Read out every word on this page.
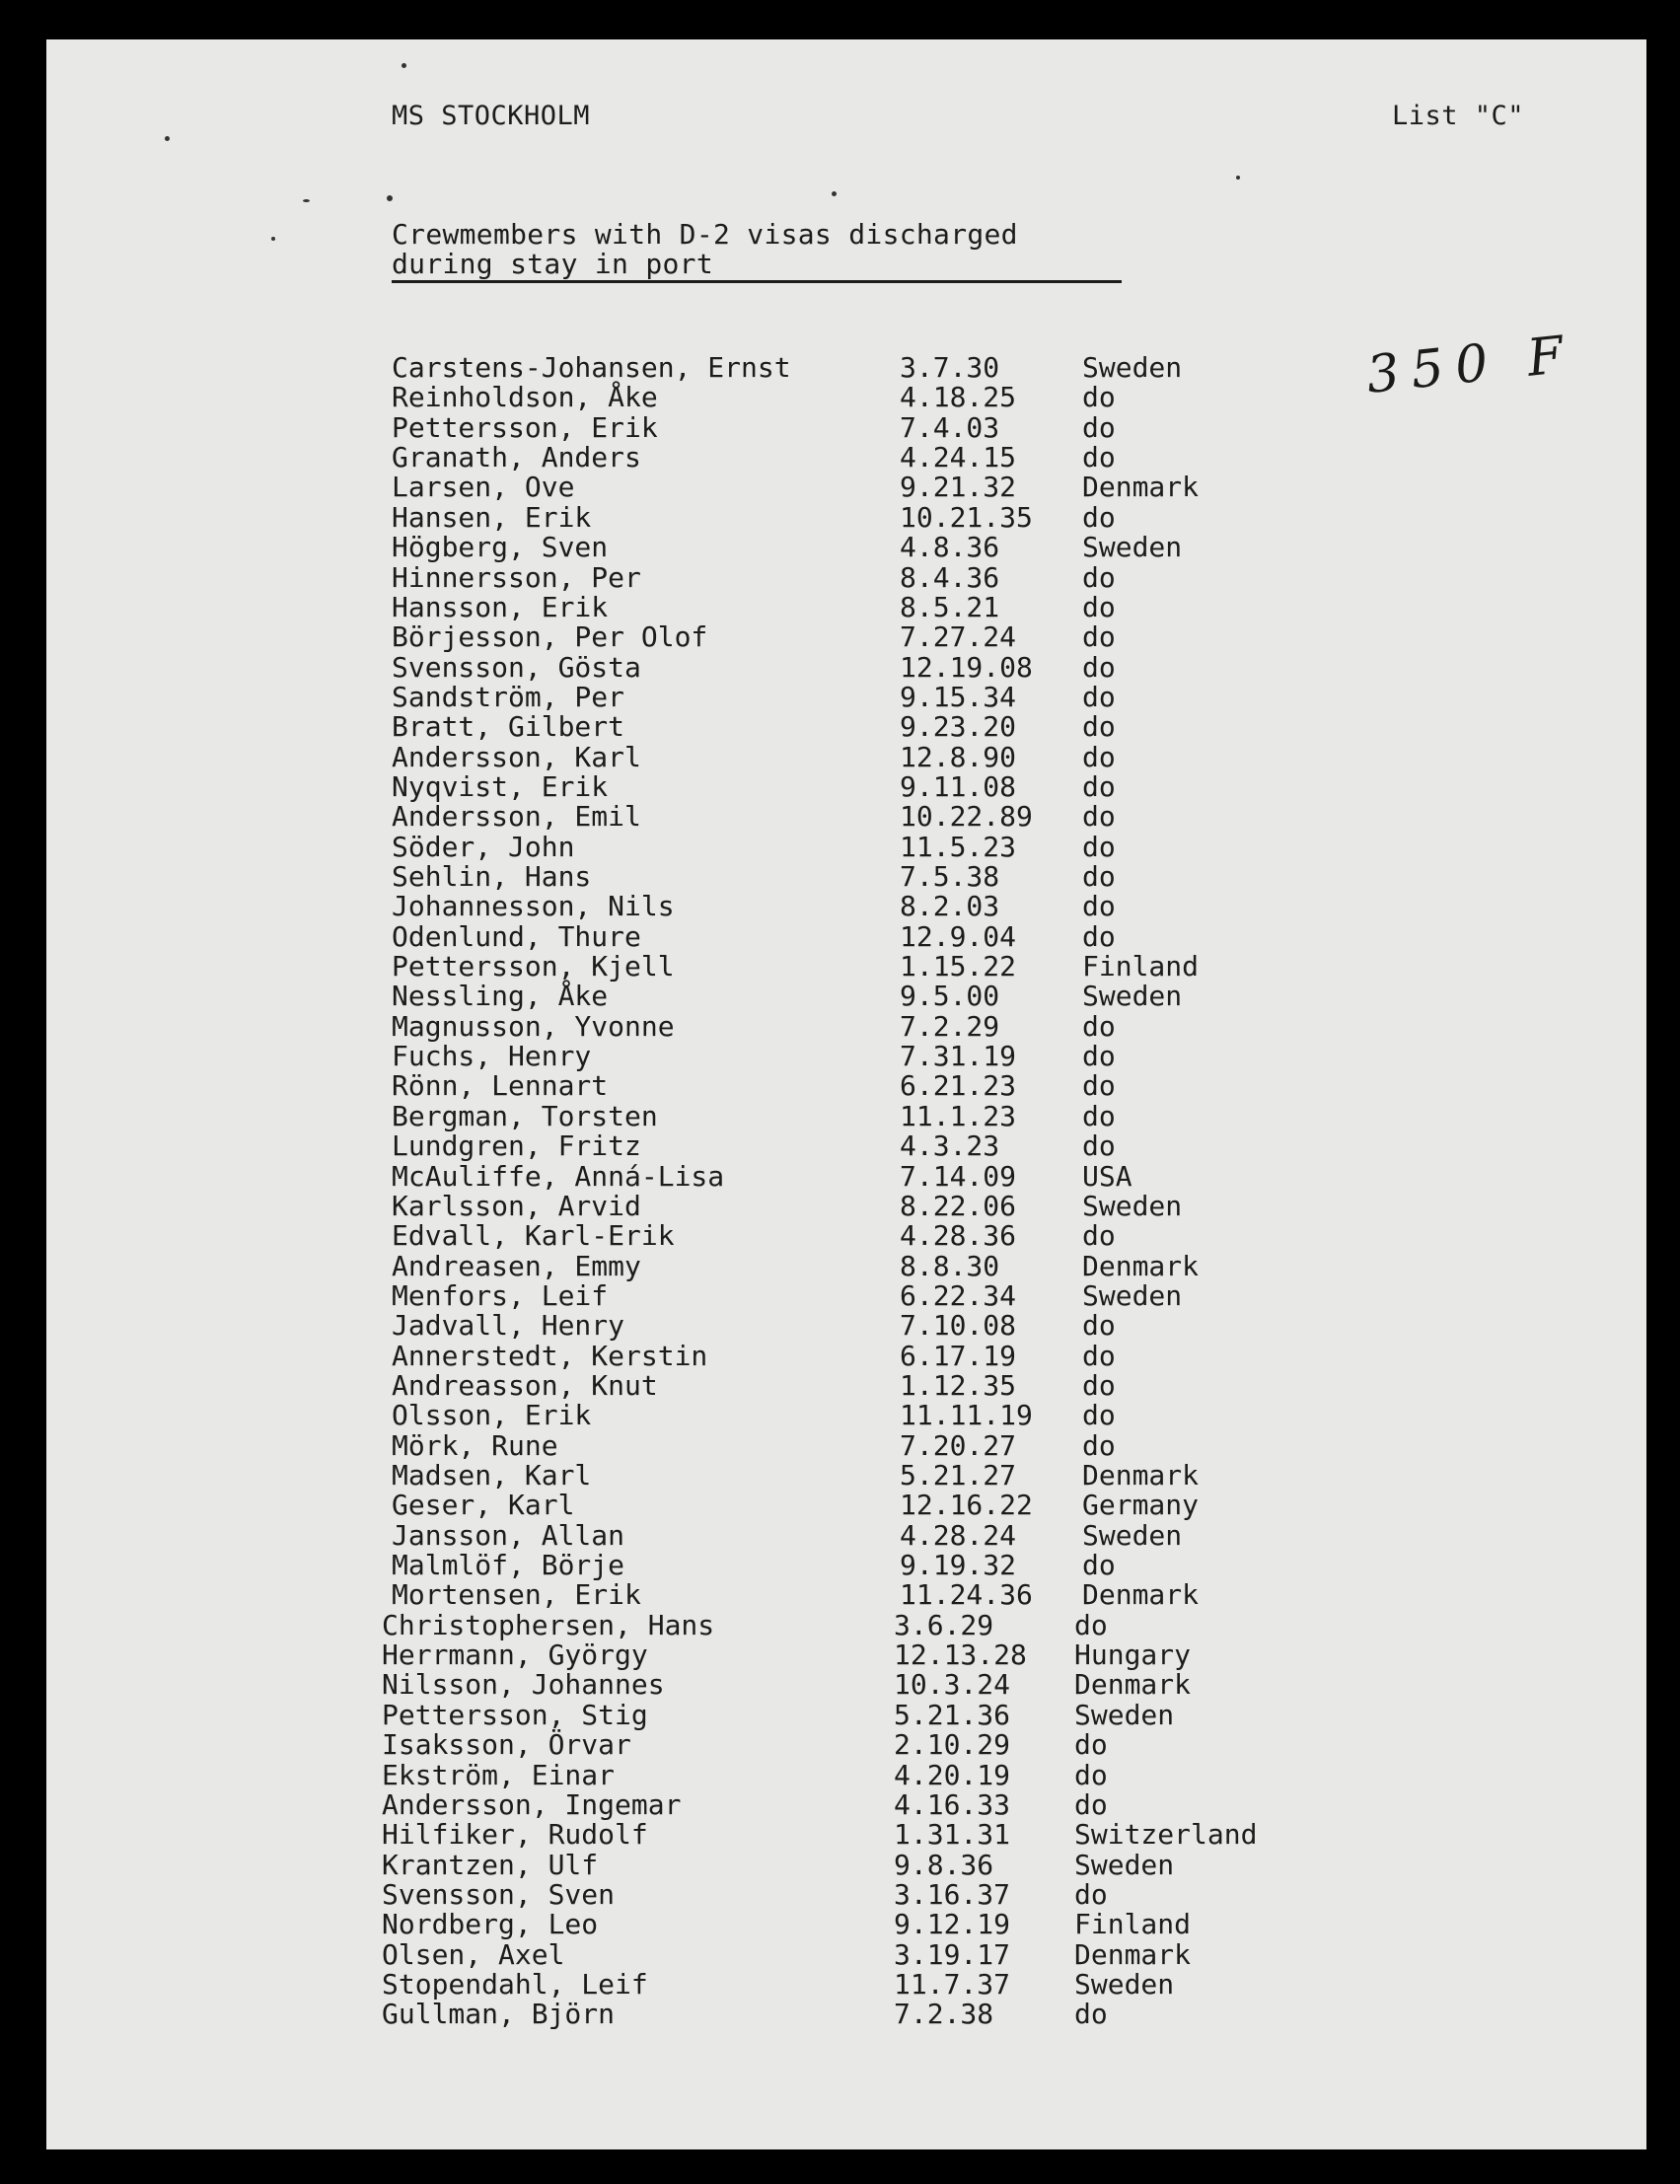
MS STOCKHOLM	List "C"
Crewmembers with D-2 visas discharged
during stay in port
350 F
Carstens-Johansen, Ernst	3.7.30	Sweden
Reinholdson, Åke	4.18.25 do
Pettersson, Erik	7.4.03	do
Granath, Anders	4.24.15 do
Larsen, Ove	9.21.32 Denmark
Hansen, Erik	10.21.35 do
Högberg, Sven	4.8.36	Sweden
Hinnersson, Per	8.4.36	do
Hansson, Erik	8.5.21	do
Börjesson, Per Olof	7.27.24 do
Svensson, Gösta	12.19.08 do
Sandström, Per	9.15.34 do
Bratt, Gilbert	9.23.20 do
Andersson, Karl	12.8.90 do
Nyqvist, Erik	9.11.08 do
Andersson, Emil	10.22.89 do
Söder, John	11.5.23 do
Sehlin, Hans	7.5.38	do
Johannesson, Nils	8.2.03	do
Odenlund, Thure	12.9.04 do
Pettersson, Kjell	1.15.22 Finland
Nessling, Åke	9.5.00	Sweden
Magnusson, Yvonne	7.2.29	do
Fuchs, Henry	7.31.19 do
Rönn, Lennart	6.21.23 do
Bergman, Torsten	11.1.23 do
Lundgren, Fritz	4.3.23	do
McAuliffe, Anná-Lisa	7.14.09 USA
Karlsson, Arvid	8.22.06 Sweden
Edvall, Karl-Erik	4.28.36 do
Andreasen, Emmy	8.8.30	Denmark
Menfors, Leif	6.22.34 Sweden
Jadvall, Henry	7.10.08 do
Annerstedt, Kerstin	6.17.19 do
Andreasson, Knut	1.12.35 do
Olsson, Erik	11.11.19 do
Mörk, Rune	7.20.27 do
Madsen, Karl	5.21.27 Denmark
Geser, Karl	12.16.22 Germany
Jansson, Allan	4.28.24 Sweden
Malmlöf, Börje	9.19.32 do
Mortensen, Erik	11.24.36 Denmark
Christophersen, Hans	3.6.29	do
Herrmann, György	12.13.28 Hungary
Nilsson, Johannes	10.3.24 Denmark
Pettersson, Stig	5.21.36 Sweden
Isaksson, Örvar	2.10.29 do
Ekström, Einar	4.20.19 do
Andersson, Ingemar	4.16.33 do
Hilfiker, Rudolf	1.31.31 Switzerland
Krantzen, Ulf	9.8.36	Sweden
Svensson, Sven	3.16.37 do
Nordberg, Leo	9.12.19 Finland
Olsen, Axel	3.19.17 Denmark
Stopendahl, Leif	11.7.37 Sweden
Gullman, Björn	7.2.38	do
